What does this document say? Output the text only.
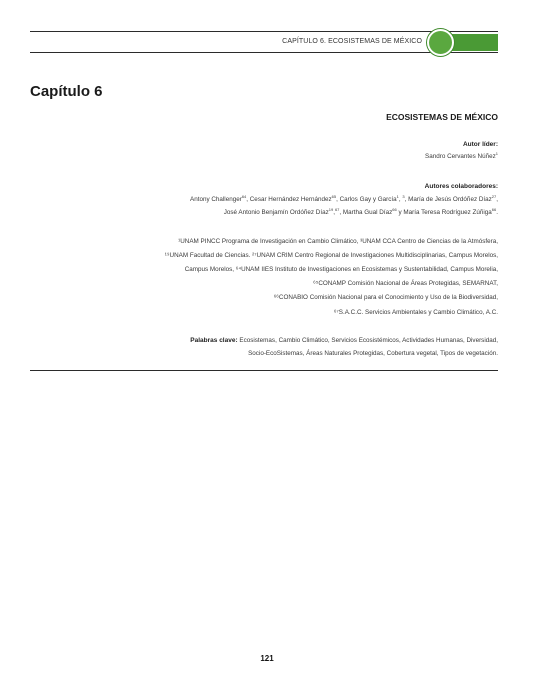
CAPÍTULO 6. ECOSISTEMAS DE MÉXICO
Capítulo 6
ECOSISTEMAS DE MÉXICO
Autor líder:
Sandro Cervantes Núñez$^1$
Autores colaboradores:
Antony Challenger$^{64}$, Cesar Hernández Hernández$^{65}$, Carlos Gay y García$^1$, $^3$, María de Jesús Ordóñez Díaz$^{27}$,
José Antonio Benjamín Ordóñez Díaz$^{19}$,$^{67}$, Martha Gual Díaz$^{66}$ y María Teresa Rodríguez Zúñiga$^{66}$.
¹UNAM PINCC Programa de Investigación en Cambio Climático, ³UNAM CCA Centro de Ciencias de la Atmósfera,
¹⁹UNAM Facultad de Ciencias. ²⁷UNAM CRIM Centro Regional de Investigaciones Multidisciplinarias, Campus Morelos,
Campus Morelos, ⁶⁴UNAM IIES Instituto de Investigaciones en Ecosistemas y Sustentabilidad, Campus Morelia,
⁶⁵CONAMP Comisión Nacional de Áreas Protegidas, SEMARNAT,
⁶⁶CONABIO Comisión Nacional para el Conocimiento y Uso de la Biodiversidad,
⁶⁷S.A.C.C. Servicios Ambientales y Cambio Climático, A.C.
Palabras clave: Ecosistemas, Cambio Climático, Servicios Ecosistémicos, Actividades Humanas, Diversidad,
Socio-EcoSistemas, Áreas Naturales Protegidas, Cobertura vegetal, Tipos de vegetación.
121
